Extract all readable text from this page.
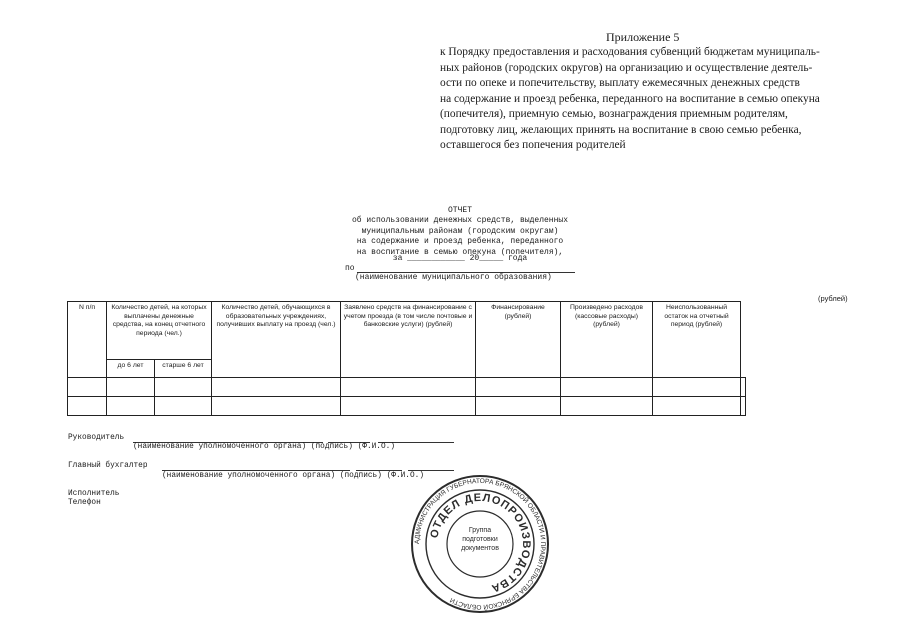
Приложение 5
к Порядку предоставления и расходования субвенций бюджетам муниципаль-
ных районов (городских округов) на организацию и осуществление деятель-
ости по опеке и попечительству, выплату ежемесячных денежных средств
на содержание и проезд ребенка, переданного на воспитание в семью опекуна
(попечителя), приемную семью, вознаграждения приемным родителям,
подготовку лиц, желающих принять на воспитание в свою семью ребенка,
оставшегося без попечения родителей
ОТЧЕТ
об использовании денежных средств, выделенных
муниципальным районам (городским округам)
на содержание и проезд ребенка, переданного
на воспитание в семью опекуна (попечителя),
за ____________ 20_____ года
по
(наименование муниципального образования)
(рублей)
N п/п	Количество детей, на которых выплачены денежные средства, на конец отчетного периода (чел.)		Количество детей, обучающихся в образовательных учреждениях, получивших выплату на проезд (чел.)	Заявлено средств на финансирование с учетом проезда (в том числе почтовые и банковские услуги) (рублей)	Финансирование (рублей)	Произведено расходов (кассовые расходы) (рублей)	Неиспользованный остаток на отчетный период (рублей)	
	до 6 лет	старше 6 лет						

Руководитель
(наименование уполномоченного органа) (подпись) (Ф.И.О.)
Главный бухгалтер
(наименование уполномоченного органа) (подпись) (Ф.И.О.)
Исполнитель
Телефон
АДМИНИСТРАЦИЯ ГУБЕРНАТОРА БРЯНСКОЙ ОБЛАСТИ И ПРАВИТЕЛЬСТВА БРЯНСКОЙ ОБЛАСТИ
ОТДЕЛ ДЕЛОПРОИЗВОДСТВА
Группа подготовки документов
